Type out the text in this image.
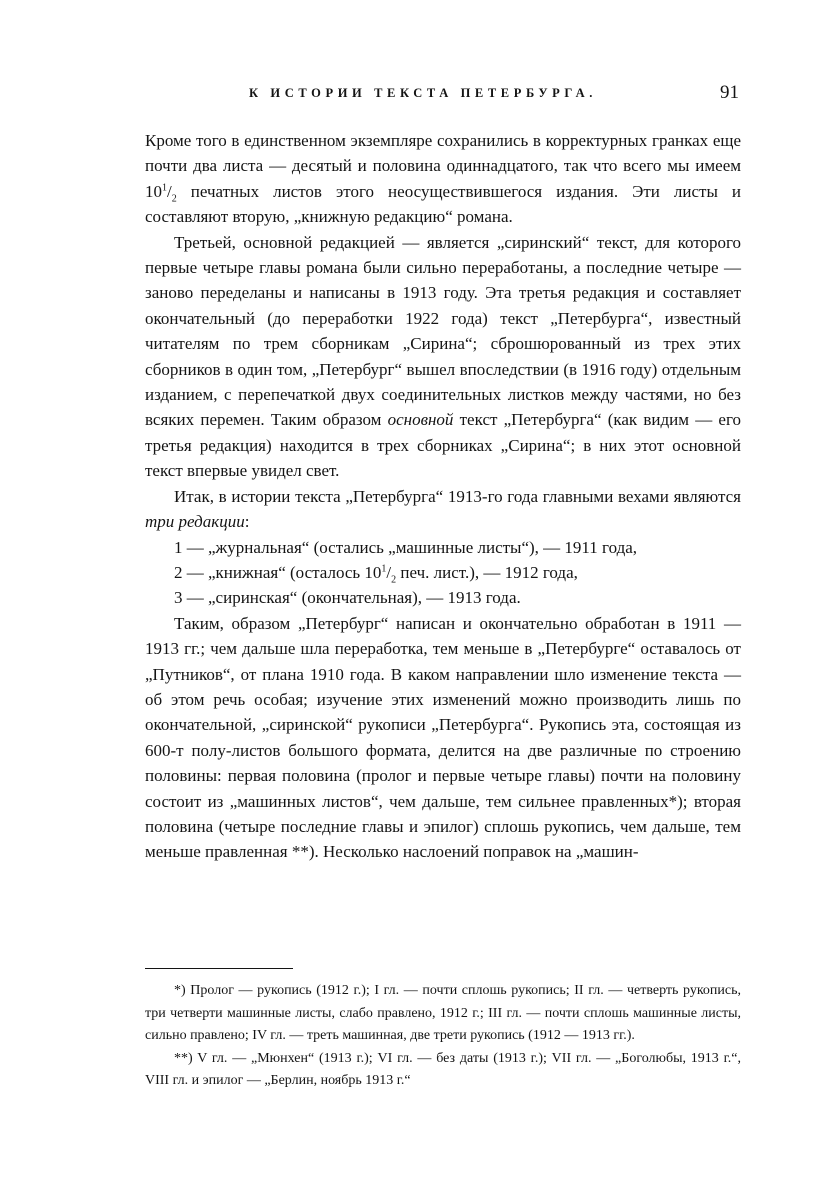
К ИСТОРИИ ТЕКСТА ПЕТЕРБУРГА.	91

Кроме того в единственном экземпляре сохранились в корректурных гранках еще почти два листа — десятый и половина одиннадцатого, так что всего мы имеем $10^1/_2$ печатных листов этого неосуществившегося издания. Эти листы и составляют вторую, „книжную редакцию“ романа.

Третьей, основной редакцией — является „сиринский“ текст, для которого первые четыре главы романа были сильно переработаны, а последние четыре — заново переделаны и написаны в 1913 году. Эта третья редакция и составляет окончательный (до переработки 1922 года) текст „Петербурга“, известный читателям по трем сборникам „Сирина“; сброшюрованный из трех этих сборников в один том, „Петербург“ вышел впоследствии (в 1916 году) отдельным изданием, с перепечаткой двух соединительных листков между частями, но без всяких перемен. Таким образом основной текст „Петербурга“ (как видим — его третья редакция) находится в трех сборниках „Сирина“; в них этот основной текст впервые увидел свет.

Итак, в истории текста „Петербурга“ 1913-го года главными вехами являются три редакции:

1 — „журнальная“ (остались „машинные листы“), — 1911 года,

2 — „книжная“ (осталось $10^1/_2$ печ. лист.), — 1912 года,

3 — „сиринская“ (окончательная), — 1913 года.

Таким, образом „Петербург“ написан и окончательно обработан в 1911 — 1913 гг.; чем дальше шла переработка, тем меньше в „Петербурге“ оставалось от „Путников“, от плана 1910 года. В каком направлении шло изменение текста — об этом речь особая; изучение этих изменений можно производить лишь по окончательной, „сиринской“ рукописи „Петербурга“. Рукопись эта, состоящая из 600-т полу-листов большого формата, делится на две различные по строению половины: первая половина (пролог и первые четыре главы) почти на половину состоит из „машинных листов“, чем дальше, тем сильнее правленных*); вторая половина (четыре последние главы и эпилог) сплошь рукопись, чем дальше, тем меньше правленная **). Несколько наслоений поправок на „машин-

*) Пролог — рукопись (1912 г.); I гл. — почти сплошь рукопись; II гл. — четверть рукопись, три четверти машинные листы, слабо правлено, 1912 г.; III гл. — почти сплошь машинные листы, сильно правлено; IV гл. — треть машинная, две трети рукопись (1912 — 1913 гг.).

**) V гл. — „Мюнхен“ (1913 г.); VI гл. — без даты (1913 г.); VII гл. — „Боголюбы, 1913 г.“, VIII гл. и эпилог — „Берлин, ноябрь 1913 г.“
